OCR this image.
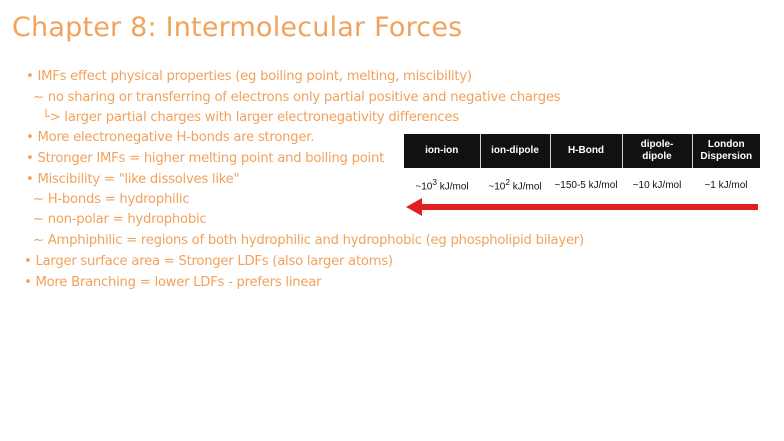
Chapter 8: Intermolecular Forces
• IMFs effect physical properties (eg boiling point, melting, miscibility)
~ no sharing or transferring of electrons only partial positive and negative charges
└> larger partial charges with larger electronegativity differences
• More electronegative H-bonds are stronger.
• Stronger IMFs = higher melting point and boiling point
• Miscibility = "like dissolves like"
~ H-bonds = hydrophilic
~ non-polar = hydrophobic
~ Amphiphilic = regions of both hydrophilic and hydrophobic (eg phospholipid bilayer)
• Larger surface area = Stronger LDFs (also larger atoms)
• More Branching = lower LDFs - prefers linear
ion-ion	ion-dipole	H-Bond	dipole-dipole	London Dispersion
$\sim 10^3$ kJ/mol	$\sim 10^2$ kJ/mol	~150-5 kJ/mol	~10 kJ/mol	~1 kJ/mol
